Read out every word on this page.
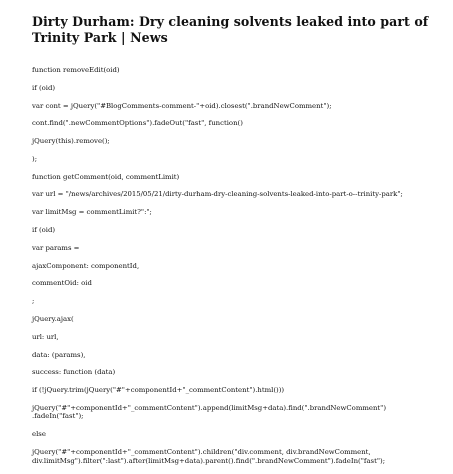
Dirty Durham: Dry cleaning solvents leaked into part of Trinity Park | News
function removeEdit(oid)
if (oid)
var cont = jQuery("#BlogComments-comment-"+oid).closest(".brandNewComment");
cont.find(".newCommentOptions").fadeOut("fast", function()
jQuery(this).remove();
);
function getComment(oid, commentLimit)
var url = "/news/archives/2015/05/21/dirty-durham-dry-cleaning-solvents-leaked-into-part-o--trinity-park";
var limitMsg = commentLimit?":";
if (oid)
var params =
ajaxComponent: componentId,
commentOid: oid
;
jQuery.ajax(
url: url,
data: (params),
success: function (data)
if (!jQuery.trim(jQuery("#"+componentId+"_commentContent").html()))
jQuery("#"+componentId+"_commentContent").append(limitMsg+data).find(".brandNewComment") .fadeIn("fast");
else
jQuery("#"+componentId+"_commentContent").children("div.comment, div.brandNewComment, div.limitMsg").filter(":last").after(limitMsg+data).parent().find(".brandNewComment").fadeIn("fast");
